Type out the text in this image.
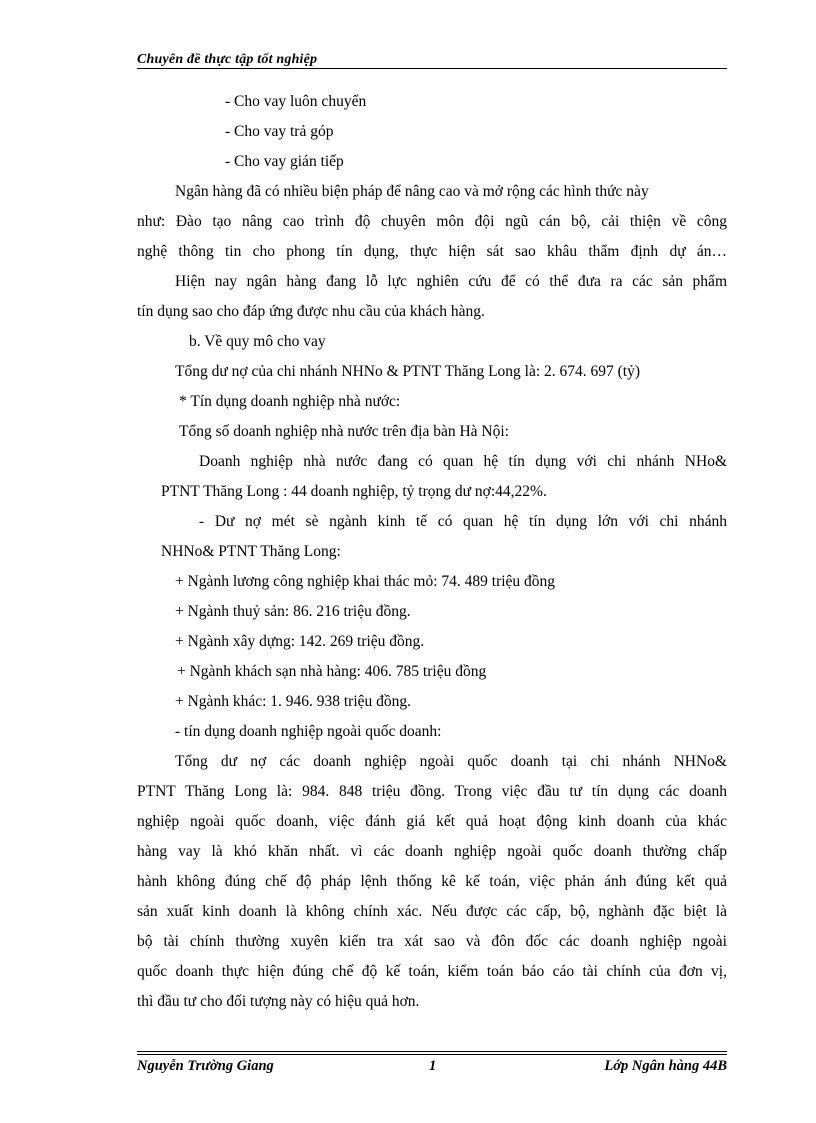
Chuyên đề thực tập tốt nghiệp
- Cho vay luôn chuyển
- Cho vay trả góp
- Cho vay gián tiếp
Ngân hàng đã có nhiều biện pháp để nâng cao và mở rộng các hình thức này
như: Đào tạo nâng cao trình độ chuyên môn đội ngũ cán bộ, cải thiện về công
nghệ thông tin cho phong tín dụng, thực hiện sát sao khâu thẩm định dự án…
Hiện nay ngân hàng đang lỗ lực nghiên cứu để có thể đưa ra các sản phẩm
tín dụng sao cho đáp ứng được nhu cầu của khách hàng.
b. Về quy mô cho vay
Tổng dư nợ của chi nhánh NHNo & PTNT Thăng Long là: 2. 674. 697 (tỷ)
* Tín dụng doanh nghiệp nhà nước:
Tổng số doanh nghiệp nhà nước trên địa bàn Hà Nội:
Doanh nghiệp nhà nước đang có quan hệ tín dụng với chi nhánh NHo&
PTNT Thăng Long : 44 doanh nghiệp, tỷ trọng dư nợ:44,22%.
- Dư nợ mét sè ngành kinh tế có quan hệ tín dụng lớn với chi nhánh
NHNo& PTNT Thăng Long:
+ Ngành lương công nghiệp khai thác mỏ: 74. 489 triệu đồng
+ Ngành thuỷ sản: 86. 216 triệu đồng.
+ Ngành xây dựng: 142. 269 triệu đồng.
+ Ngành khách sạn nhà hàng: 406. 785 triệu đồng
+ Ngành khác: 1. 946. 938 triệu đồng.
- tín dụng doanh nghiệp ngoài quốc doanh:
Tổng dư nợ các doanh nghiệp ngoài quốc doanh tại chi nhánh NHNo&
PTNT Thăng Long là: 984. 848 triệu đồng. Trong việc đầu tư tín dụng các doanh
nghiệp ngoài quốc doanh, việc đánh giá kết quả hoạt động kinh doanh của khác
hàng vay là khó khăn nhất. vì các doanh nghiệp ngoài quốc doanh thường chấp
hành không đúng chế độ pháp lệnh thống kê kế toán, việc phản ánh đúng kết quả
sản xuất kinh doanh là không chính xác. Nếu được các cấp, bộ, nghành đặc biệt là
bộ tài chính thường xuyên kiển tra xát sao và đôn đốc các doanh nghiệp ngoài
quốc doanh thực hiện đúng chế độ kế toán, kiểm toán báo cáo tài chính của đơn vị,
thì đầu tư cho đối tượng này có hiệu quả hơn.
Nguyễn Trường Giang	1	Lớp Ngân hàng 44B
